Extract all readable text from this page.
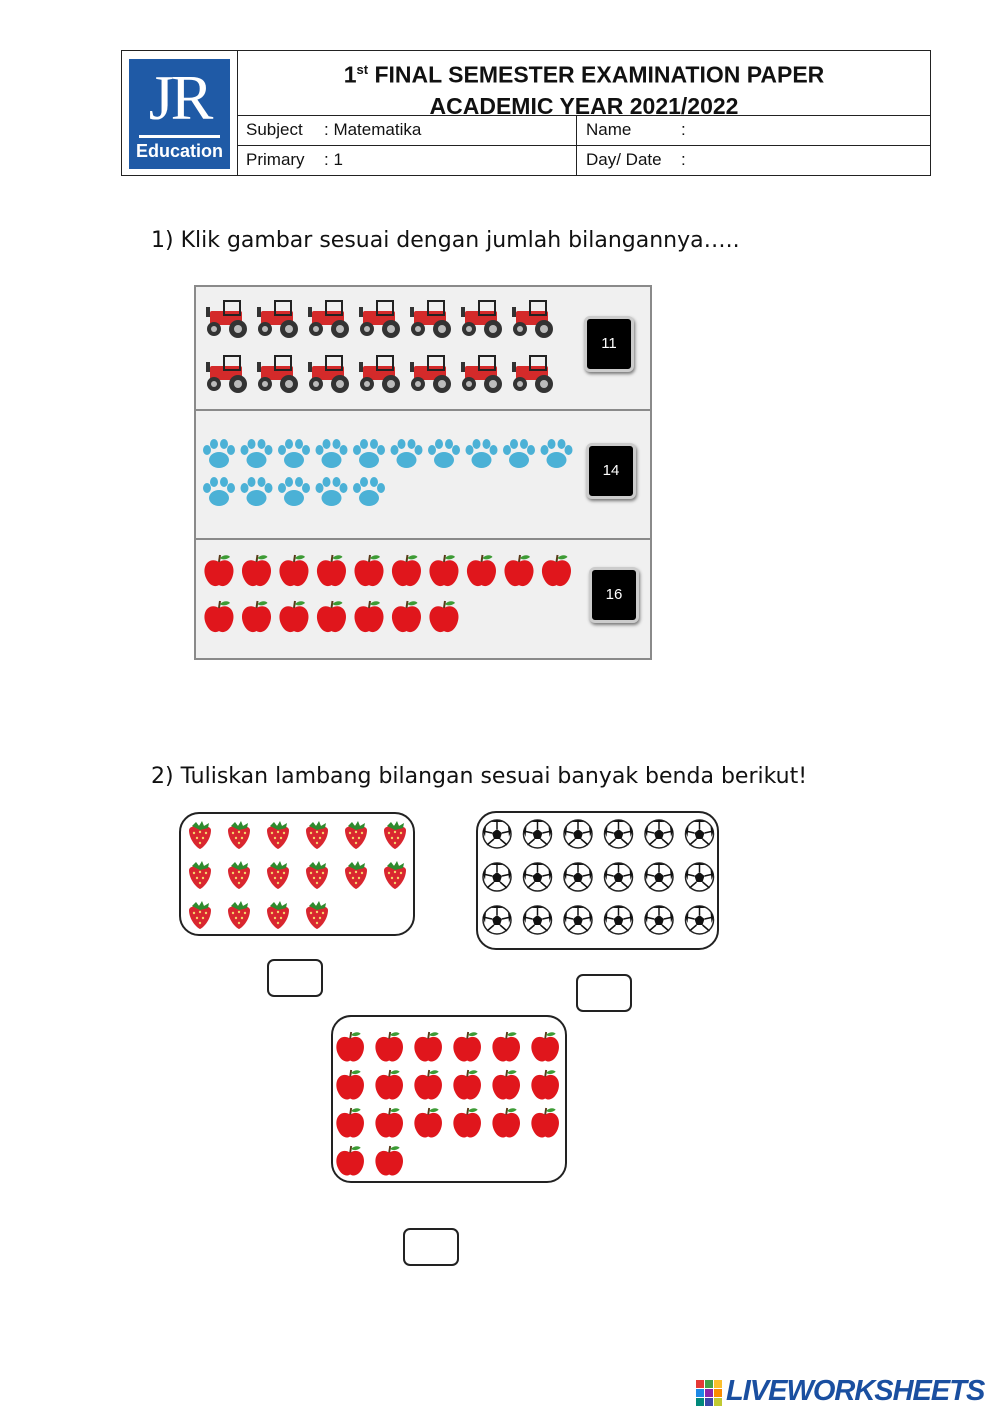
JR
Education
1st FINAL SEMESTER EXAMINATION PAPER
ACADEMIC YEAR 2021/2022
Subject : Matematika	Name	:
Primary : 1	Day/ Date :
1) Klik gambar sesuai dengan jumlah bilangannya…..
11
14
16
2) Tuliskan lambang bilangan sesuai banyak benda berikut!
LIVEWORKSHEETS
